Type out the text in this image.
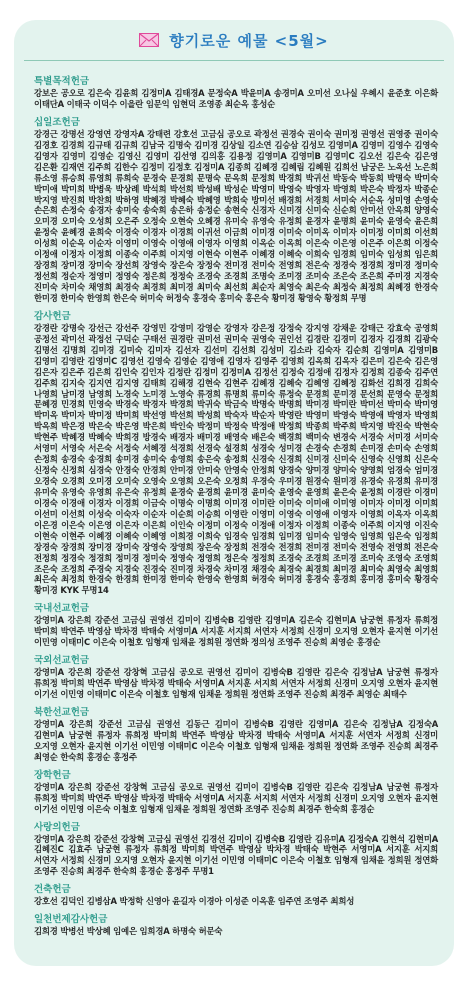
향기로운 예물 <5월>
특별목적헌금
강보은 공오로 김은숙 김윤희 김정미A 김태경A 문정숙A 박윤미A 송경미A 오미선 오나실 우혜시 윤준호 이은화 이태단A 이태국 이덕수 이을란 임문익 임현덕 조영종 최순옥 홍성순
십일조헌금
강경근 강명선 강영연 강영자A 강태련 강호선 고금심 공오로 곽정선 권경숙 권이숙 권미정 권영선 권영중 권이숙 김경호 김경희 김규태 김규희 김남국 김명숙 김미경 김상일 김소연 김승삼 김성모 김영미A 김영미 김영수 김영숙 김영자 김영미 김영순 김영신 김영미 김선영 김의홍 김용정 김영미A 김영미B 김영미C 김오선 김은숙 김은영 김은환 김재연 김주희 김한수 김정미 김정호 김정미A 김종희 김혜경 김혜림 김혜원 김희선 남궁은 노옥선 노은희 류소영 류승희 류영희 류희숙 문경숙 문경희 문명숙 문옥희 문정희 박경희 박귀선 박동숙 박동희 박명숙 박미숙 박미애 박미희 박병욱 박상례 박석희 박선희 박성배 박성순 박영미 박영숙 박영자 박영희 박은숙 박정자 박종순 박지영 박진희 박찬희 박하영 박혜경 박혜숙 박혜영 박희숙 방미선 배경희 서경희 서미숙 서순옥 성미영 손영숙 손은희 손정숙 송경자 송미숙 송숙희 송은하 송정순 송현숙 신경자 신미경 신미숙 신순희 안미선 안옥희 양영숙 오미경 오미숙 오성희 오은주 오정숙 오현숙 오혜경 유미숙 유영숙 유정희 윤경자 윤명희 윤미숙 윤영숙 윤은희 윤정숙 윤혜경 윤희숙 이경숙 이경자 이경희 이귀선 이금희 이미경 이미숙 이미옥 이미자 이미정 이미희 이선희 이성희 이순옥 이순자 이영미 이영숙 이영애 이영자 이영희 이옥순 이옥희 이은숙 이은영 이은주 이은희 이정숙 이정애 이정자 이정희 이종숙 이주희 이지영 이현숙 이현주 이혜경 이혜숙 이희숙 임경희 임미숙 임성희 임은희 장경희 장미경 장미숙 장선희 장영숙 장은숙 장정숙 전미경 전미숙 전영희 전은숙 정경숙 정경희 정미경 정미숙 정선희 정순자 정영미 정영숙 정은희 정정숙 조경숙 조경희 조명숙 조미경 조미숙 조은숙 조은희 주미경 지경숙 진미숙 차미숙 채영희 최경숙 최경희 최미경 최미숙 최선희 최순자 최영숙 최은숙 최정숙 최정희 최혜경 한경숙 한미경 한미숙 한영희 한은숙 허미숙 허정숙 홍경숙 홍미숙 홍은숙 황미경 황영숙 황정희 무명
감사헌금
강경란 강명숙 강선근 강선주 강영민 강영미 강영순 강영자 강은정 강정숙 강지영 강채운 강태근 강효숙 공영희 공정선 곽미선 곽정선 구덕순 구태선 권경란 권미선 권미숙 권영숙 권인선 김경란 김경미 김경자 김경희 김광숙 김명선 김명희 김미경 김미숙 김미자 김선자 김선미 김선희 김성미 김소라 김숙자 김순희 김영미A 김영미B 김영미 김영란 김영미C 김영선 김영숙 김영순 김영애 김영자 김영주 김영희 김옥희 김옥자 김은미 김은숙 김은영 김은자 김은주 김은희 김인숙 김인자 김정란 김정미 김정미A 김정선 김정숙 김정애 김정자 김정희 김종숙 김주연 김주희 김지숙 김지연 김지영 김태희 김해경 김현숙 김현주 김혜경 김혜숙 김혜영 김혜정 김화선 김희경 김희숙 나영희 남미경 남영희 노경숙 노미경 노영숙 류경희 류명희 류미숙 류정숙 문경희 문미경 문선희 문영숙 문정희 문혜경 민경희 민영숙 박경숙 박경자 박경희 박귀숙 박금숙 박명숙 박명희 박미경 박미란 박미선 박미숙 박미영 박미옥 박미자 박미정 박미희 박선영 박선희 박성희 박숙자 박순자 박영란 박영미 박영숙 박영애 박영자 박영희 박옥희 박은경 박은숙 박은영 박은희 박인숙 박정미 박정숙 박정애 박정희 박종희 박주희 박지영 박진숙 박현숙 박현주 박혜경 박혜숙 박희경 방경숙 배경자 배미경 배영숙 배은숙 백경희 백미숙 변경숙 서경숙 서미경 서미숙 서영미 서영숙 서은숙 서정숙 서혜경 석경희 선경숙 설경희 성경숙 성미경 손경숙 손경희 손미경 손미숙 손영희 손정희 송경숙 송경희 송미경 송미숙 송영희 송은숙 송정희 신경숙 신경희 신미경 신미숙 신영숙 신영희 신은숙 신정숙 신정희 심경숙 안경숙 안경희 안미경 안미숙 안영숙 안정희 양경숙 양미경 양미숙 양영희 엄경숙 엄미경 오경숙 오경희 오미경 오미숙 오영숙 오영희 오은숙 오정희 우경숙 우미경 원경숙 원미경 유경숙 유경희 유미경 유미숙 유영숙 유영희 유은숙 유정희 윤경숙 윤경희 윤미경 윤미숙 윤영숙 윤영희 윤은숙 윤정희 이경란 이경미 이경숙 이경애 이경자 이경희 이금숙 이명숙 이명희 이미경 이미란 이미숙 이미애 이미영 이미자 이미정 이미희 이선미 이선희 이성숙 이숙자 이순자 이순희 이승희 이영란 이영미 이영숙 이영애 이영자 이영희 이옥자 이옥희 이은경 이은숙 이은영 이은자 이은희 이인숙 이정미 이정숙 이정애 이정자 이정희 이종숙 이주희 이지영 이진숙 이현숙 이현주 이혜경 이혜숙 이혜영 이희경 이희숙 임경숙 임경희 임미경 임미숙 임영숙 임영희 임은숙 임정희 장경숙 장경희 장미경 장미숙 장영숙 장영희 장은숙 장정희 전경숙 전경희 전미경 전미숙 전영숙 전영희 전은숙 전정희 정경숙 정경희 정미경 정미숙 정영숙 정영희 정은숙 정정희 조경숙 조경희 조미경 조미숙 조영숙 조영희 조은숙 조정희 주경숙 지경숙 진경숙 진미경 차경숙 차미경 채경숙 최경숙 최경희 최미경 최미숙 최영숙 최영희 최은숙 최정희 한경숙 한경희 한미경 한미숙 한영숙 한영희 허경숙 허미경 홍경숙 홍경희 홍미경 홍미숙 황경숙 황미경 KYK 무명14
국내선교헌금
강영미A 강은희 강준선 고금심 권영선 김미이 김병숙B 김영란 김영미A 김은숙 김현미A 남궁현 류정자 류희정 박미희 박연주 박영삼 박차경 박태숙 서영미A 서지훈 서지희 서연자 서정희 신경미 오지영 오현자 윤지현 이기선 이민영 이태미C 이은숙 이철호 임형재 임채윤 정희원 정연화 정의성 조영주 진승희 최영순 홍경순
국외선교헌금
강영미A 강은희 강준선 강창혁 고금심 공오로 권영선 김미이 김병숙B 김영란 김은숙 김정남A 남궁현 류정자 류희정 박미희 박연주 박영삼 박차경 박태숙 서영미A 서지훈 서지희 서연자 서정희 신경미 오지영 오현자 윤지현 이기선 이민영 이태미C 이은숙 이철호 임형재 임채윤 정희원 정연화 조영주 진승희 최경주 최영순 최태수
북한선교헌금
강영미A 강은희 강준선 고금심 권영선 김동근 김미이 김병숙B 김영란 김영미A 김은숙 김정남A 김정숙A 김현미A 남궁현 류정자 류희정 박미희 박연주 박영삼 박차경 박태숙 서영미A 서지훈 서연자 서정희 신경미 오지영 오현자 윤지현 이기선 이민영 이태미C 이은숙 이철호 임형재 임채윤 정희원 정연화 조영주 진승희 최경주 최영순 한숙희 홍경순 홍정주
장학헌금
강영미A 강은희 강준선 강창혁 고금심 공오로 권영선 김미이 김병숙B 김영란 김은숙 김정남A 남궁현 류정자 류희정 박미희 박연주 박영삼 박차경 박태숙 서영미A 서지훈 서지희 서연자 서정희 신경미 오지영 오현자 윤지현 이기선 이민영 이은숙 이철호 임형재 임채윤 정희원 정연화 조영주 진승희 최경주 한숙희 홍경순
사랑의헌금
강영미A 강은희 강준선 강창혁 고금심 권영선 김경선 김미이 김병숙B 김영란 김유미A 김정숙A 김현석 김현미A 김혜진C 김효주 남궁현 류정자 류희정 박미희 박연주 박영삼 박차경 박태숙 박현주 서영미A 서지훈 서지희 서연자 서정희 신경미 오지영 오현자 윤지현 이기선 이민영 이태미C 이은숙 이철호 임형재 임채윤 정희원 정연화 조영주 진승희 최경주 한숙희 홍경순 홍정주 무명1
건축헌금
강호선 김덕인 김병삼A 박정학 신영아 윤길자 이경아 이성준 이옥훈 임주연 조영주 최희성
일천번제감사헌금
김희경 박병선 박상혜 임예은 임희경A 하명숙 허문숙
